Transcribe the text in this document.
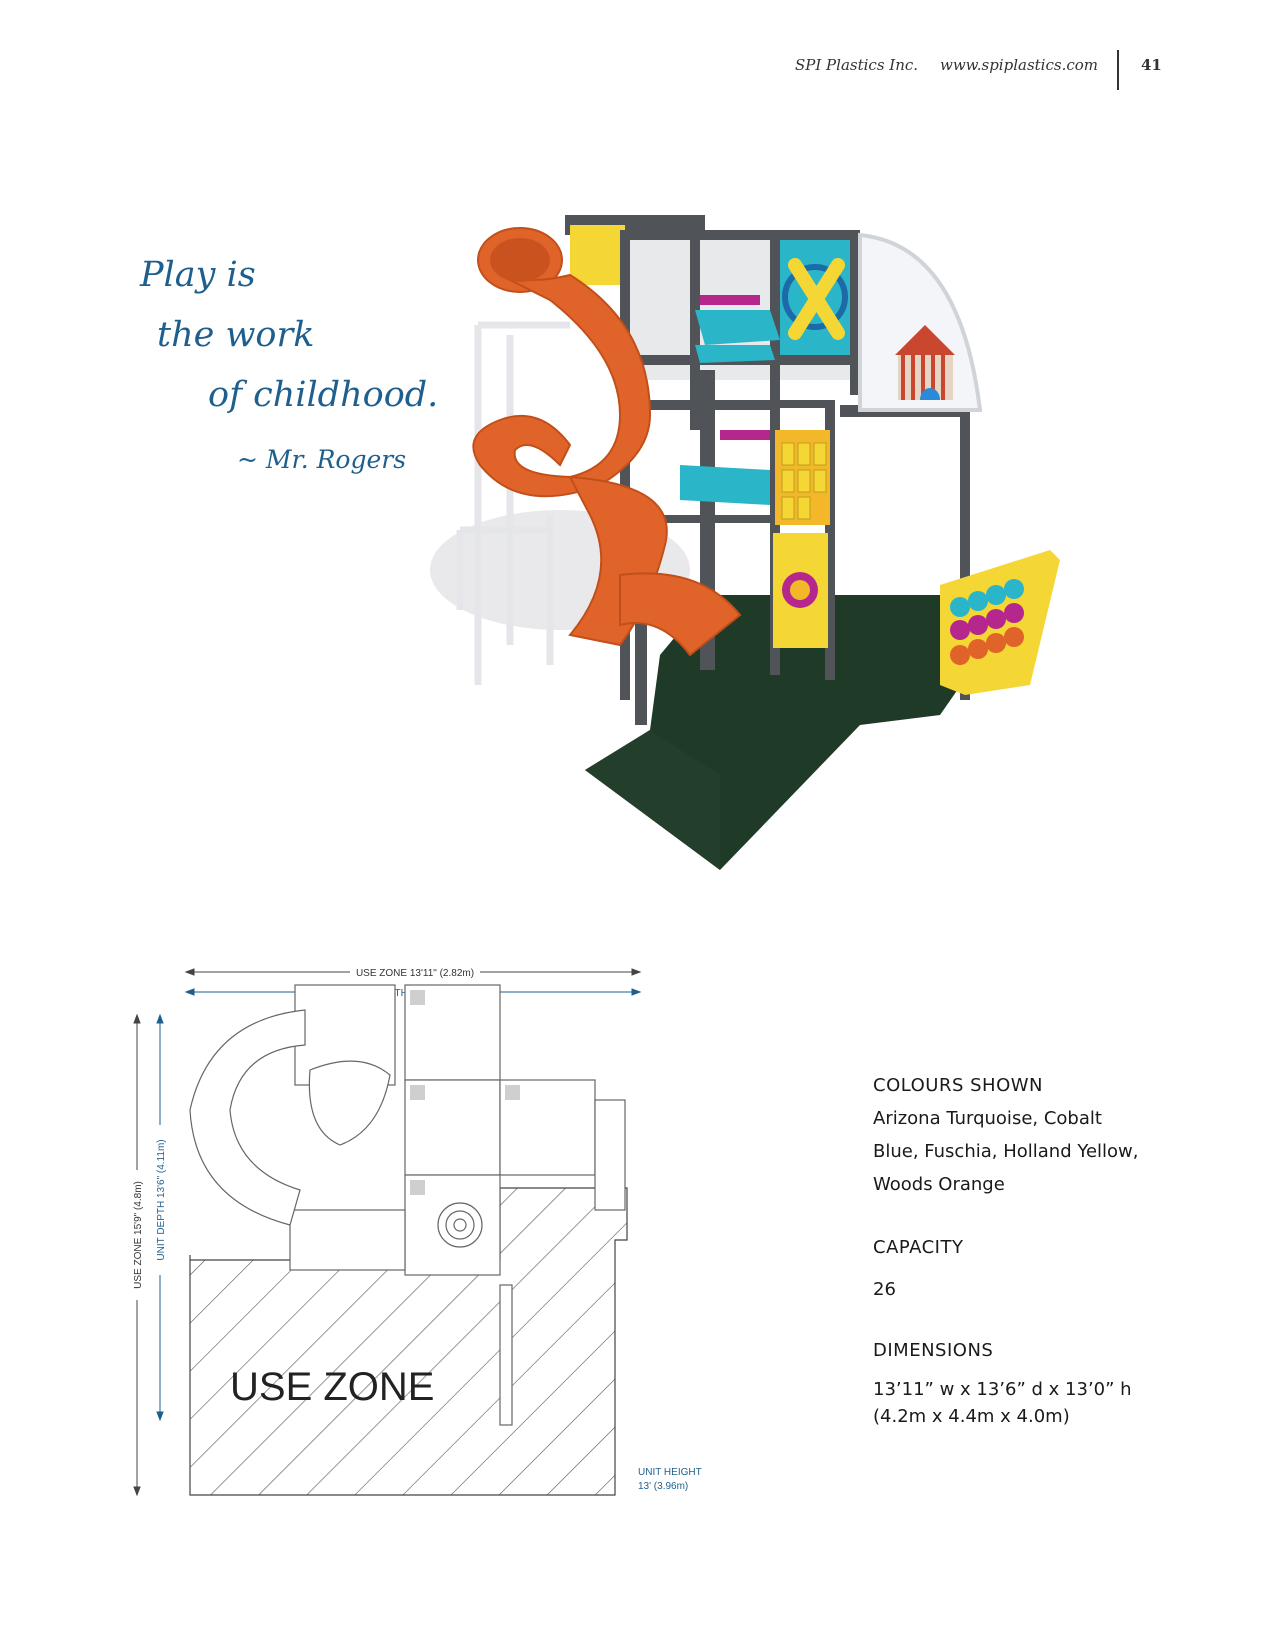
SPI Plastics Inc. www.spiplastics.com	41
Play is
the work
of childhood.
~ Mr. Rogers
USE ZONE 13'11" (2.82m)
USE ZONE 15'9" (4.8m) UNIT DEPTH 13'6" (4.11m)
USE ZONE
UNIT HEIGHT
13' (3.96m)
COLOURS SHOWN
Arizona Turquoise, Cobalt Blue, Fuschia, Holland Yellow, Woods Orange
CAPACITY
26
DIMENSIONS
13’11” w x 13’6” d x 13’0” h
(4.2m x 4.4m x 4.0m)
